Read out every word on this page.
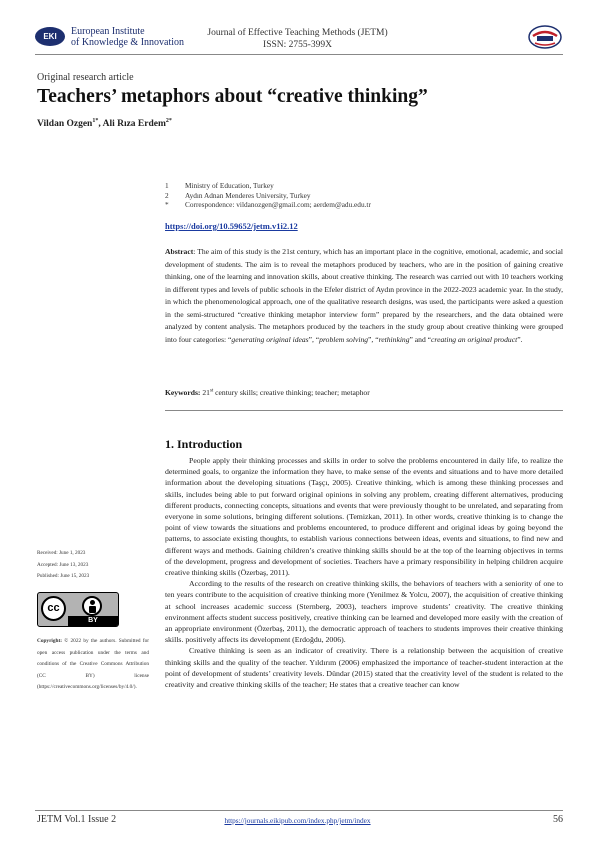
EKI	European Institute
of Knowledge & Innovation
Journal of Effective Teaching Methods (JETM)
ISSN: 2755-399X
Original research article
Teachers’ metaphors about “creative thinking”
Vildan Ozgen$^{1*}$, Ali Rıza Erdem$^{2*}$
1	Ministry of Education, Turkey
2	Aydın Adnan Menderes University, Turkey
*	Correspondence: vildanozgen@gmail.com; aerdem@adu.edu.tr
https://doi.org/10.59652/jetm.v1i2.12
Abstract: The aim of this study is the 21st century, which has an important place in the cognitive, emotional, academic, and social development of students. The aim is to reveal the metaphors produced by teachers, who are in the position of gaining creative thinking, one of the learning and innovation skills, about creative thinking. The research was carried out with 10 teachers working in different types and levels of public schools in the Efeler district of Aydın province in the 2022-2023 academic year. In the study, in which the phenomenological approach, one of the qualitative research designs, was used, the participants were asked a question in the semi-structured “creative thinking metaphor interview form” prepared by the researchers, and the data obtained were analyzed by content analysis. The metaphors produced by the teachers in the study group about creative thinking were grouped into four categories: “generating original ideas”, “problem solving”, “rethinking” and “creating an original product”.
Keywords: 21st century skills; creative thinking; teacher; metaphor
1. Introduction

People apply their thinking processes and skills in order to solve the problems encountered in daily life, to realize the determined goals, to organize the information they have, to make sense of the events and situations and to have more detailed information about the developing situations (Taşçı, 2005). Creative thinking, which is among these thinking processes and skills, includes being able to put forward original opinions in solving any problem, creating different alternatives, producing different products, connecting concepts, situations and events that were previously thought to be unrelated, and separating from everyone in some solutions, bringing different solutions. (Temizkan, 2011). In other words, creative thinking is to change the point of view towards the situations and problems encountered, to produce different and original ideas by going beyond the patterns, to associate existing thoughts, to establish various connections between ideas, events and situations, to find new and different ways and methods. Gaining children’s creative thinking skills should be at the top of the learning objectives in terms of the development, progress and development of societies. Teachers have a primary responsibility in helping children acquire creative thinking skills (Özerbaş, 2011).

According to the results of the research on creative thinking skills, the behaviors of teachers with a seniority of one to ten years contribute to the acquisition of creative thinking more (Yenilmez & Yolcu, 2007), the acquisition of creative thinking at school increases academic success (Sternberg, 2003), teachers improve students’ creativity. The creative thinking environment affects student success positively, creative thinking can be learned and developed more easily with the creation of an appropriate environment (Özerbaş, 2011), the democratic approach of teachers to students improves their creative thinking skills. positively affects its development (Erdoğdu, 2006).

Creative thinking is seen as an indicator of creativity. There is a relationship between the acquisition of creative thinking skills and the quality of the teacher. Yıldırım (2006) emphasized the importance of teacher-student interaction at the point of development of students’ creativity levels. Dündar (2015) stated that the creativity level of the student is related to the creativity and creative thinking skills of the teacher; He states that a creative teacher can know

Received: June 1, 2023
Accepted: June 13, 2023
Published: June 15, 2023
cc
BY
Copyright: © 2022 by the authors. Submitted for open access publication under the terms and conditions of the Creative Commons Attribution (CC BY) license (https://creativecommons.org/licenses/by/4.0/).
JETM Vol.1 Issue 2	https://journals.eikipub.com/index.php/jetm/index	56
